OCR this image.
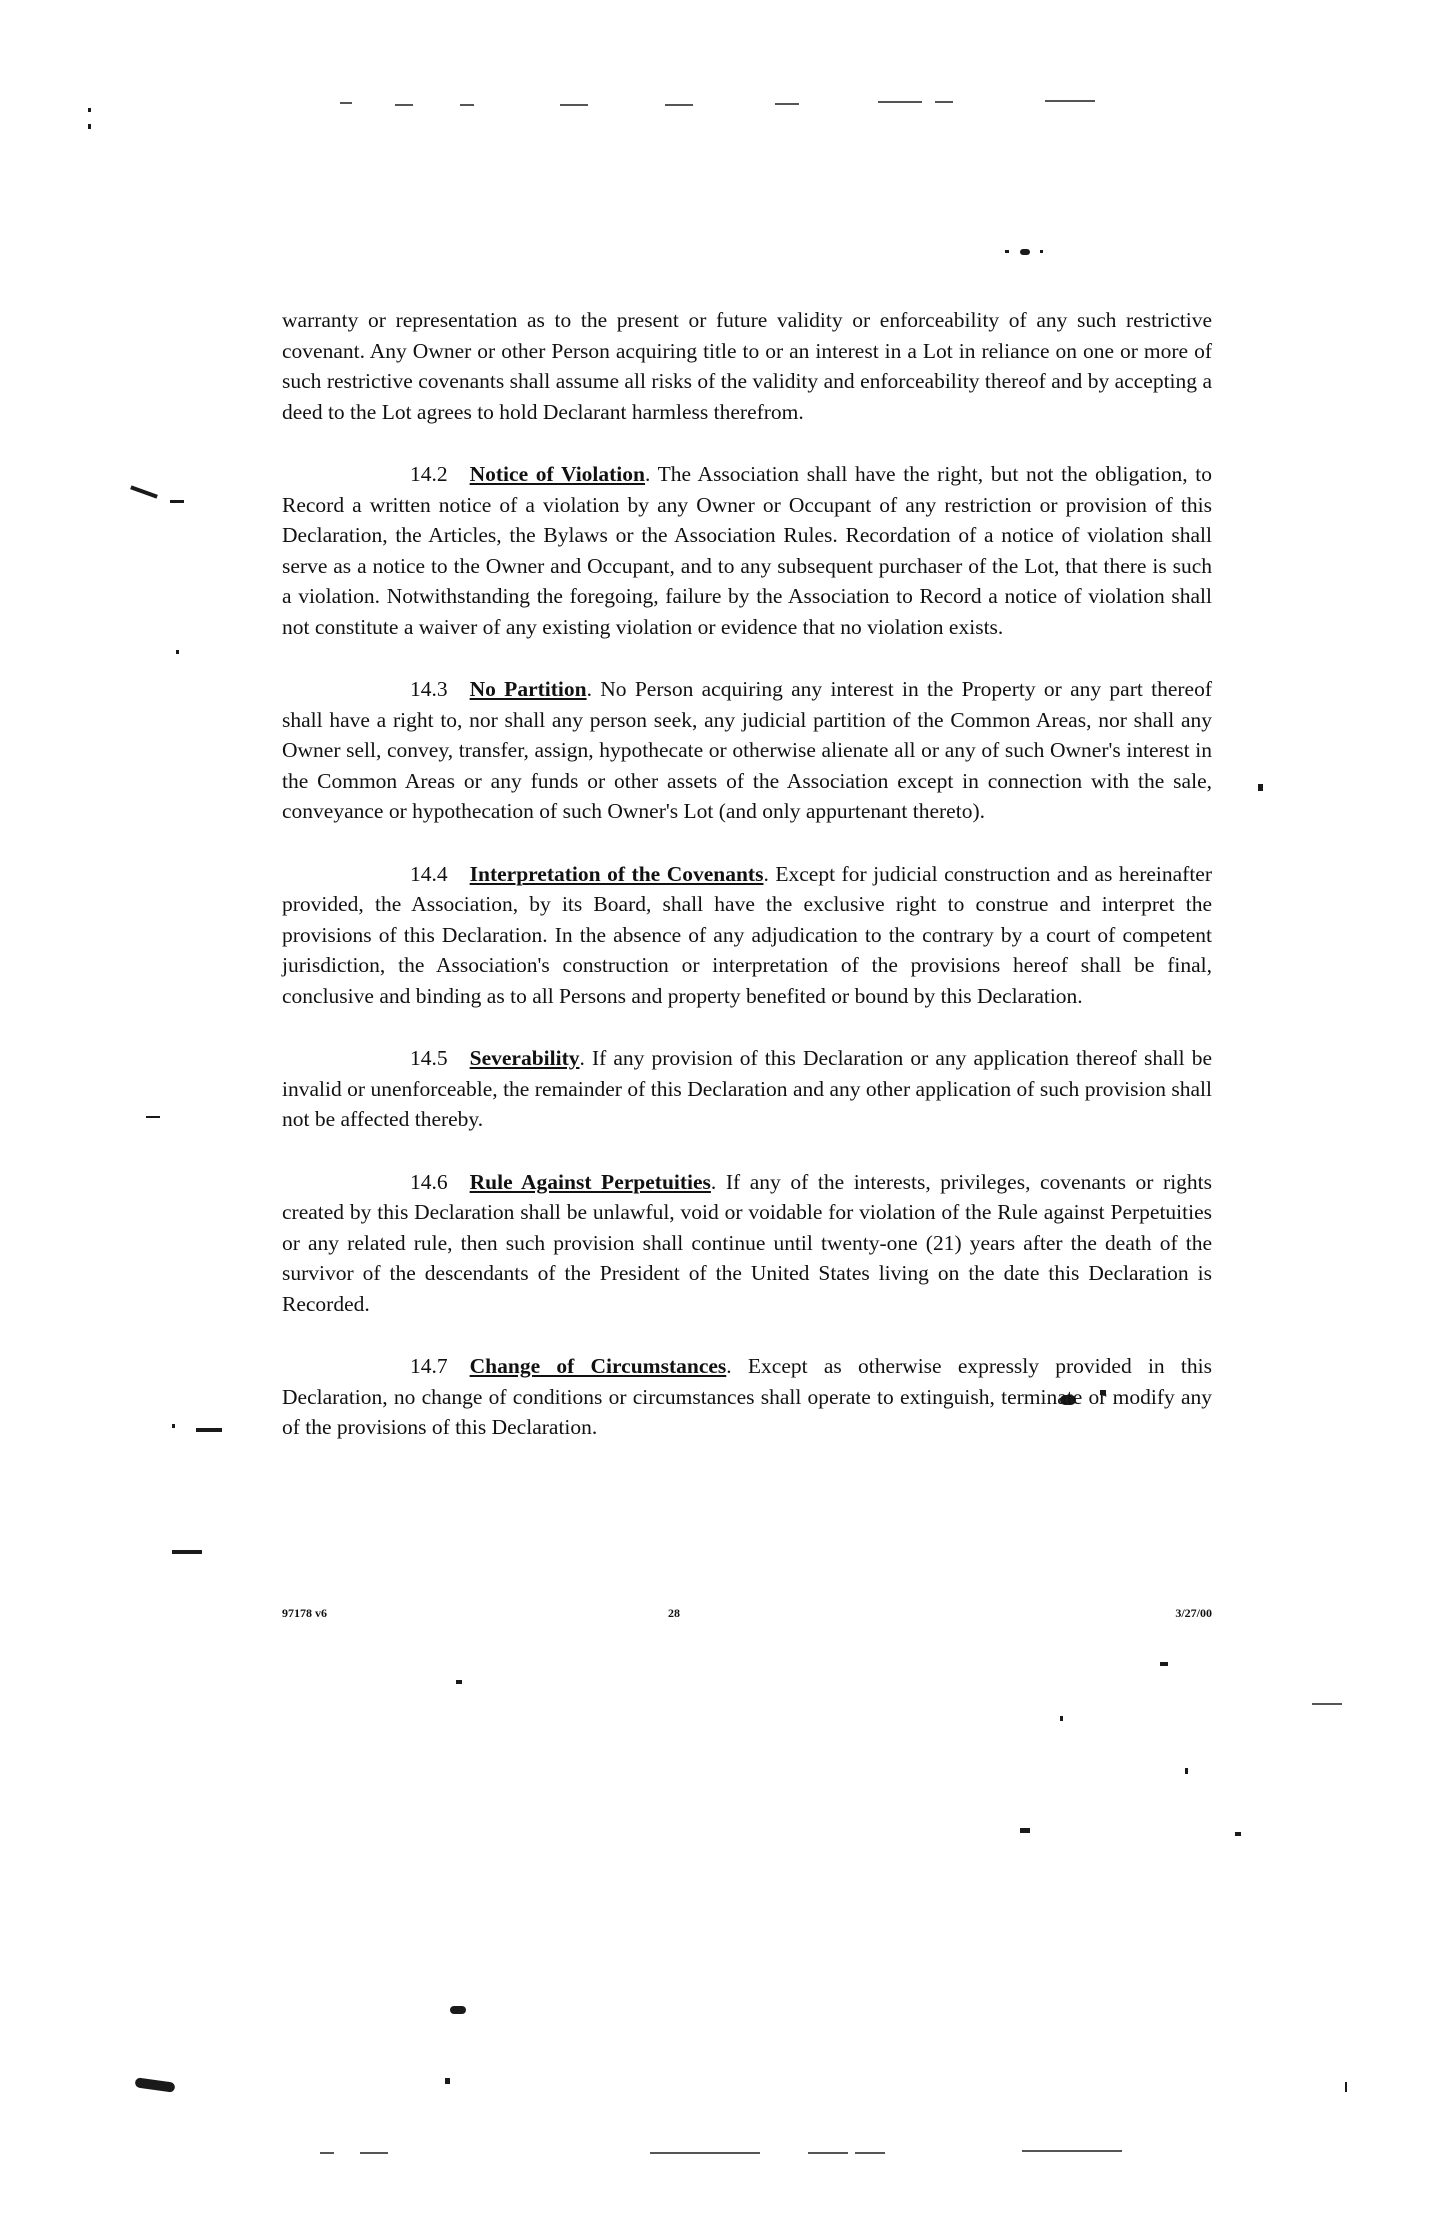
warranty or representation as to the present or future validity or enforceability of any such restrictive covenant. Any Owner or other Person acquiring title to or an interest in a Lot in reliance on one or more of such restrictive covenants shall assume all risks of the validity and enforceability thereof and by accepting a deed to the Lot agrees to hold Declarant harmless therefrom.

14.2 Notice of Violation. The Association shall have the right, but not the obligation, to Record a written notice of a violation by any Owner or Occupant of any restriction or provision of this Declaration, the Articles, the Bylaws or the Association Rules. Recordation of a notice of violation shall serve as a notice to the Owner and Occupant, and to any subsequent purchaser of the Lot, that there is such a violation. Notwithstanding the foregoing, failure by the Association to Record a notice of violation shall not constitute a waiver of any existing violation or evidence that no violation exists.

14.3 No Partition. No Person acquiring any interest in the Property or any part thereof shall have a right to, nor shall any person seek, any judicial partition of the Common Areas, nor shall any Owner sell, convey, transfer, assign, hypothecate or otherwise alienate all or any of such Owner's interest in the Common Areas or any funds or other assets of the Association except in connection with the sale, conveyance or hypothecation of such Owner's Lot (and only appurtenant thereto).

14.4 Interpretation of the Covenants. Except for judicial construction and as hereinafter provided, the Association, by its Board, shall have the exclusive right to construe and interpret the provisions of this Declaration. In the absence of any adjudication to the contrary by a court of competent jurisdiction, the Association's construction or interpretation of the provisions hereof shall be final, conclusive and binding as to all Persons and property benefited or bound by this Declaration.

14.5 Severability. If any provision of this Declaration or any application thereof shall be invalid or unenforceable, the remainder of this Declaration and any other application of such provision shall not be affected thereby.

14.6 Rule Against Perpetuities. If any of the interests, privileges, covenants or rights created by this Declaration shall be unlawful, void or voidable for violation of the Rule against Perpetuities or any related rule, then such provision shall continue until twenty-one (21) years after the death of the survivor of the descendants of the President of the United States living on the date this Declaration is Recorded.

14.7 Change of Circumstances. Except as otherwise expressly provided in this Declaration, no change of conditions or circumstances shall operate to extinguish, terminate or modify any of the provisions of this Declaration.

97178 v6	28	3/27/00
